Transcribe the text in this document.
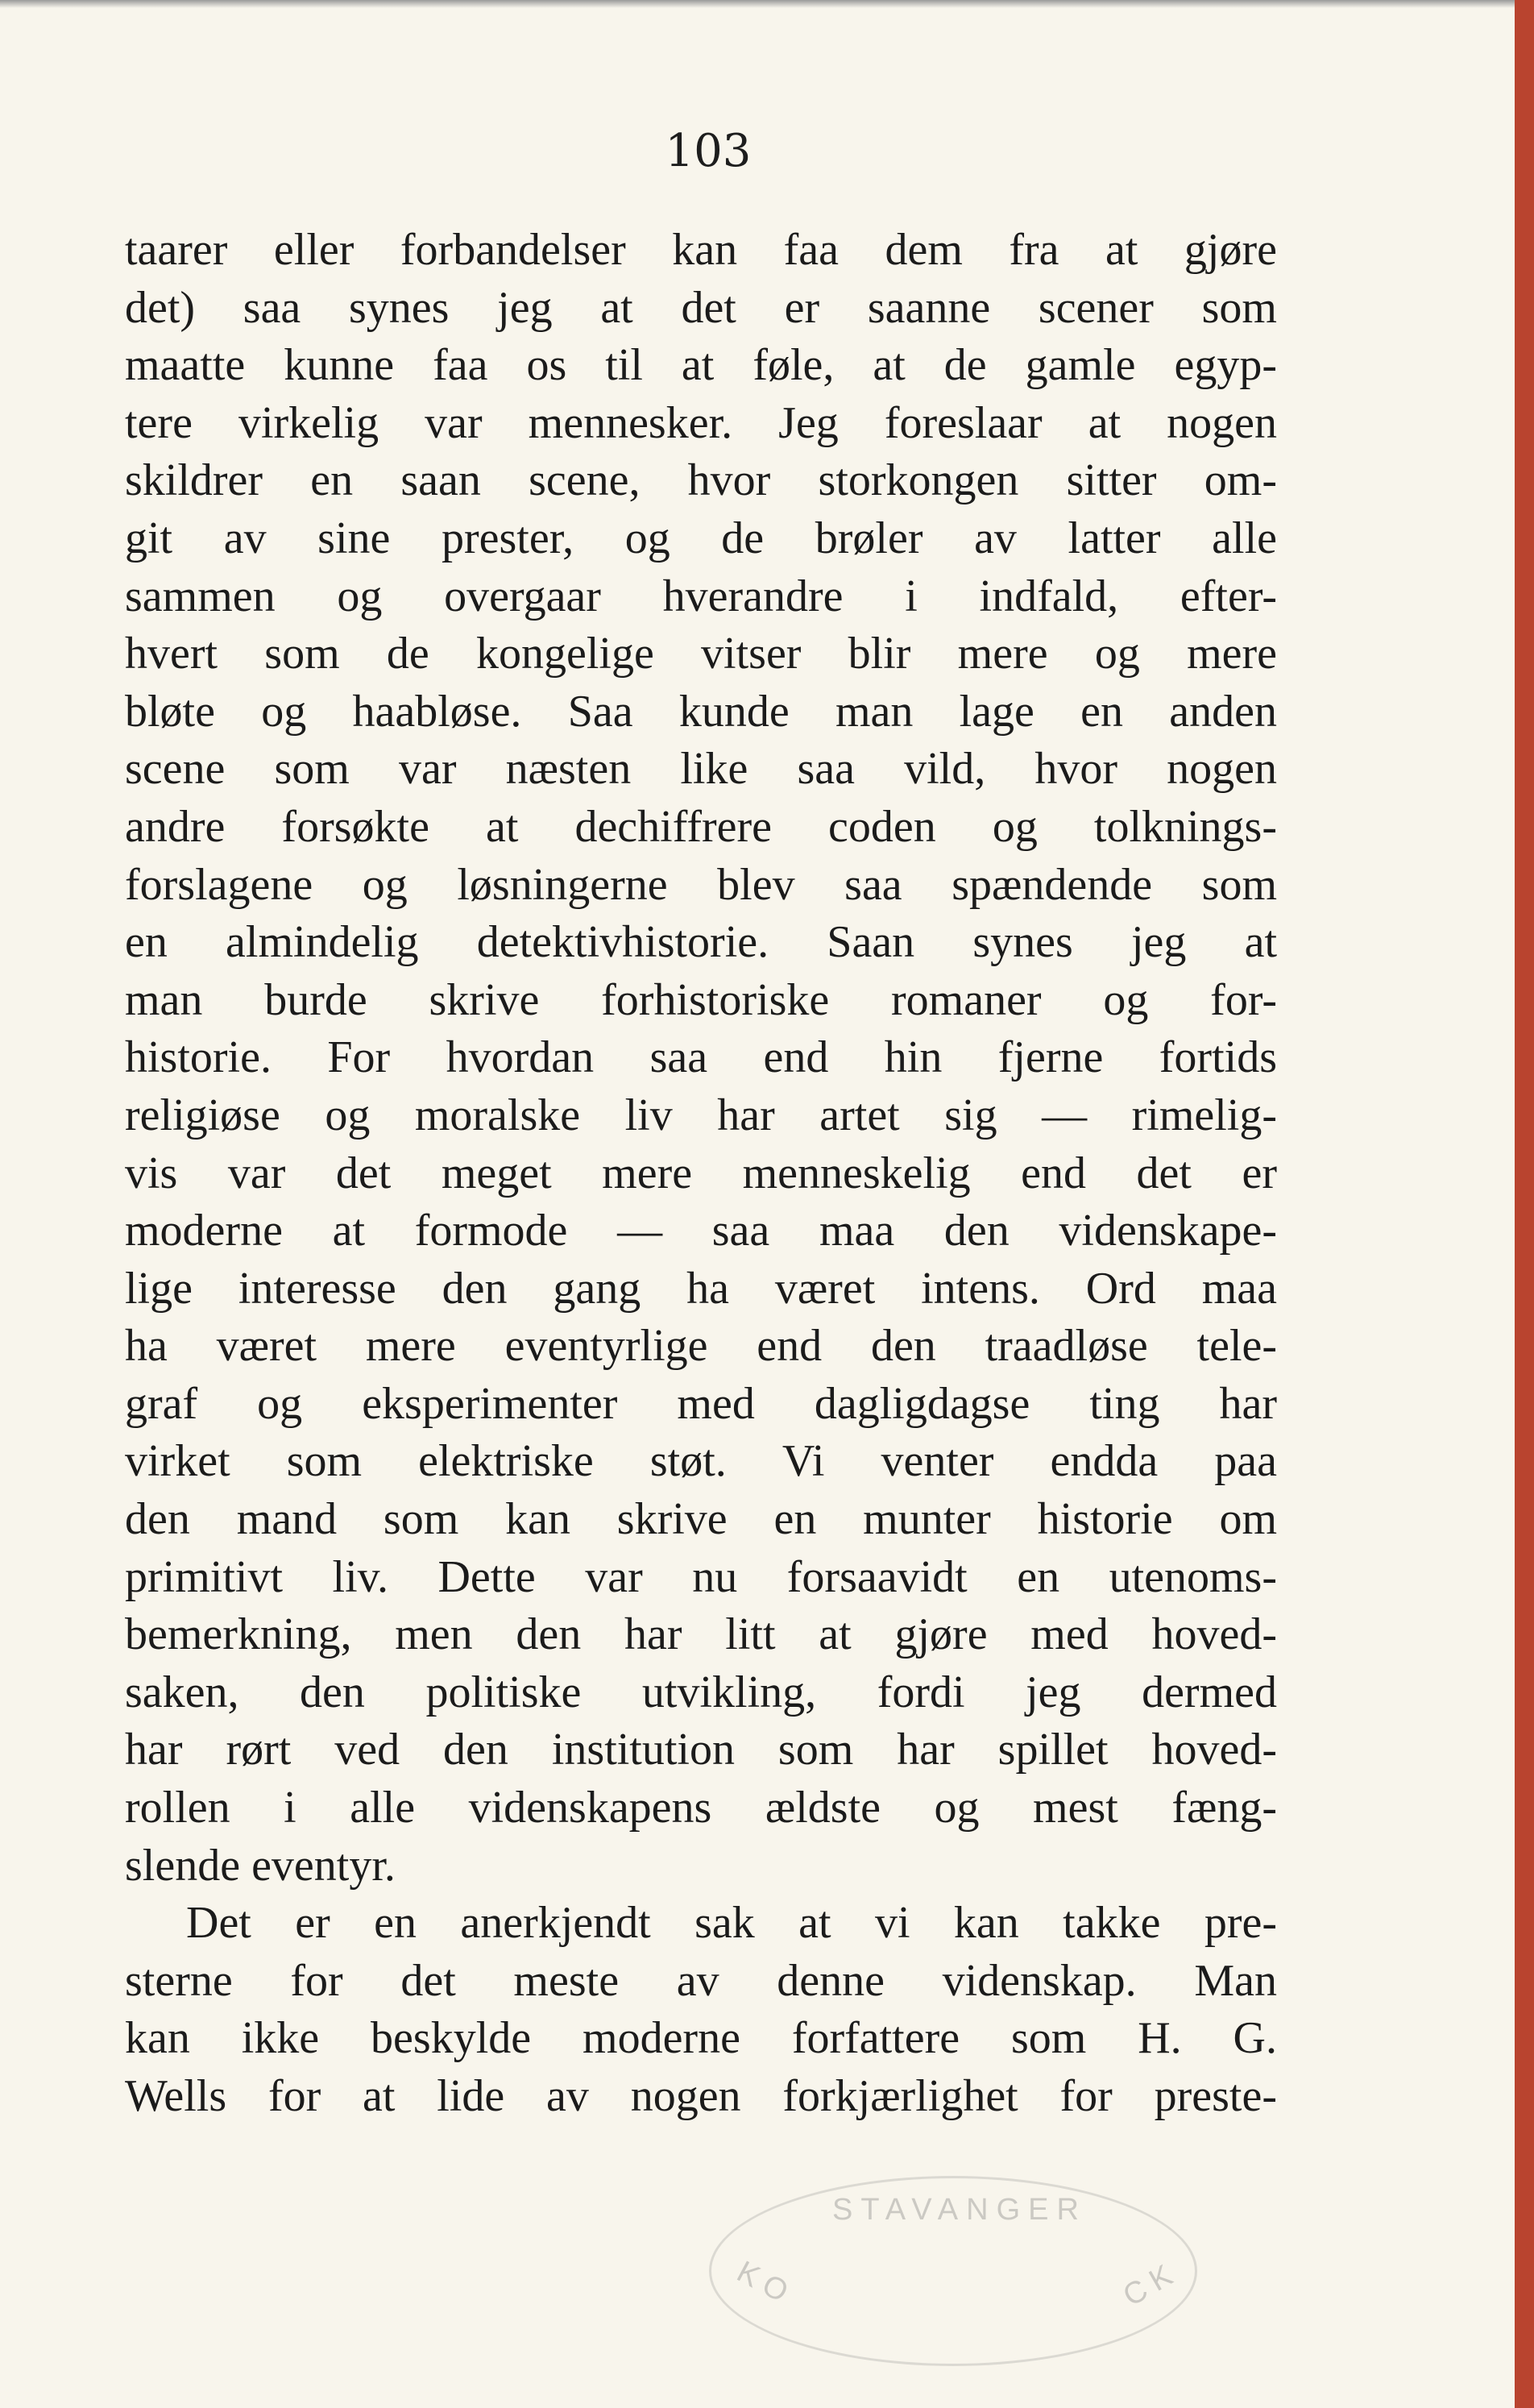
103

taarer eller forbandelser kan faa dem fra at gjøre
det) saa synes jeg at det er saanne scener som
maatte kunne faa os til at føle, at de gamle egyp-
tere virkelig var mennesker. Jeg foreslaar at nogen
skildrer en saan scene, hvor storkongen sitter om-
git av sine prester, og de brøler av latter alle
sammen og overgaar hverandre i indfald, efter-
hvert som de kongelige vitser blir mere og mere
bløte og haabløse. Saa kunde man lage en anden
scene som var næsten like saa vild, hvor nogen
andre forsøkte at dechiffrere coden og tolknings-
forslagene og løsningerne blev saa spændende som
en almindelig detektivhistorie. Saan synes jeg at
man burde skrive forhistoriske romaner og for-
historie. For hvordan saa end hin fjerne fortids
religiøse og moralske liv har artet sig — rimelig-
vis var det meget mere menneskelig end det er
moderne at formode — saa maa den videnskape-
lige interesse den gang ha været intens. Ord maa
ha været mere eventyrlige end den traadløse tele-
graf og eksperimenter med dagligdagse ting har
virket som elektriske støt. Vi venter endda paa
den mand som kan skrive en munter historie om
primitivt liv. Dette var nu forsaavidt en utenoms-
bemerkning, men den har litt at gjøre med hoved-
saken, den politiske utvikling, fordi jeg dermed
har rørt ved den institution som har spillet hoved-
rollen i alle videnskapens ældste og mest fæng-
slende eventyr.
Det er en anerkjendt sak at vi kan takke pre-
sterne for det meste av denne videnskap. Man
kan ikke beskylde moderne forfattere som H. G.
Wells for at lide av nogen forkjærlighet for preste-
STAVANGER
KO	CK
